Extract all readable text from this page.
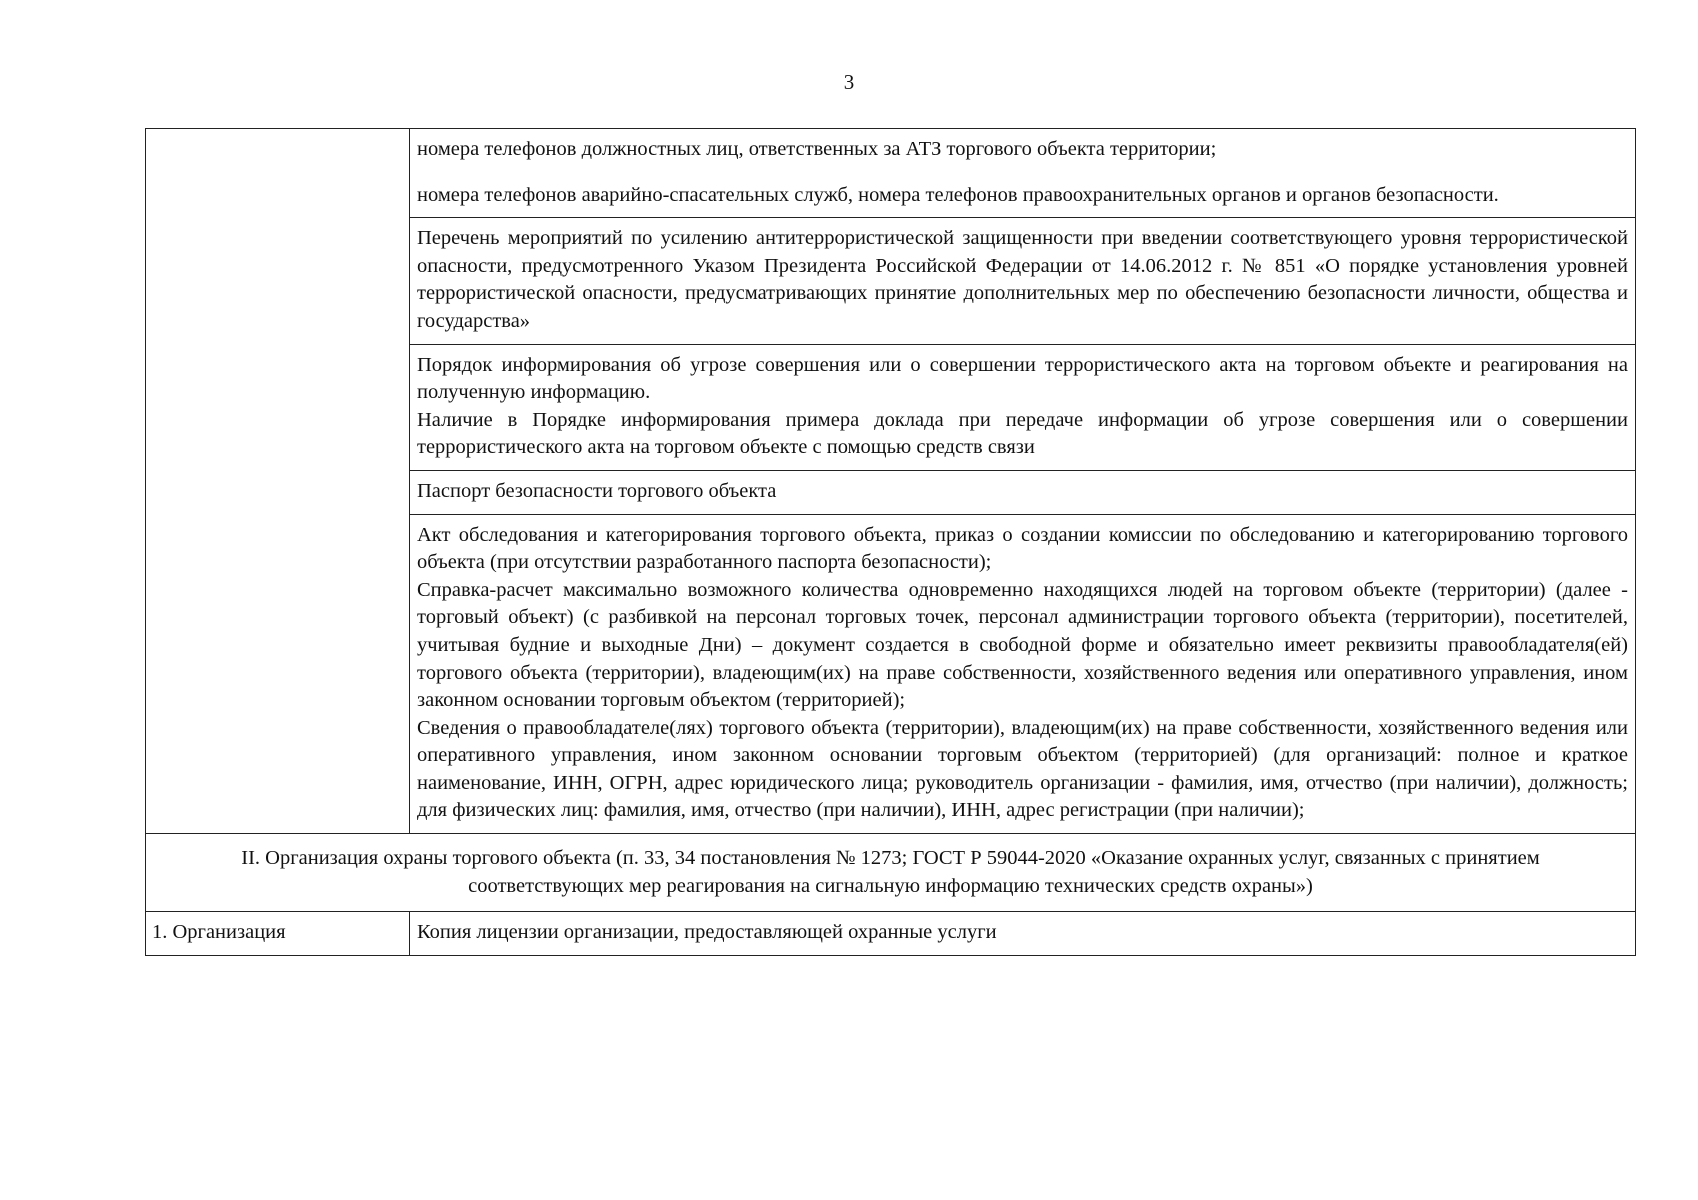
3

	номера телефонов должностных лиц, ответственных за АТЗ торгового объекта территории;
номера телефонов аварийно-спасательных служб, номера телефонов правоохранительных органов и органов безопасности.

	Перечень мероприятий по усилению антитеррористической защищенности при введении соответствующего уровня террористической опасности, предусмотренного Указом Президента Российской Федерации от 14.06.2012 г. № 851 «О порядке установления уровней террористической опасности, предусматривающих принятие дополнительных мер по обеспечению безопасности личности, общества и государства»

	Порядок информирования об угрозе совершения или о совершении террористического акта на торговом объекте и реагирования на полученную информацию.
Наличие в Порядке информирования примера доклада при передаче информации об угрозе совершения или о совершении террористического акта на торговом объекте с помощью средств связи

	Паспорт безопасности торгового объекта

	Акт обследования и категорирования торгового объекта, приказ о создании комиссии по обследованию и категорированию торгового объекта (при отсутствии разработанного паспорта безопасности);
Справка-расчет максимально возможного количества одновременно находящихся людей на торговом объекте (территории) (далее - торговый объект) (с разбивкой на персонал торговых точек, персонал администрации торгового объекта (территории), посетителей, учитывая будние и выходные Дни) – документ создается в свободной форме и обязательно имеет реквизиты правообладателя(ей) торгового объекта (территории), владеющим(их) на праве собственности, хозяйственного ведения или оперативного управления, ином законном основании торговым объектом (территорией);
Сведения о правообладателе(лях) торгового объекта (территории), владеющим(их) на праве собственности, хозяйственного ведения или оперативного управления, ином законном основании торговым объектом (территорией) (для организаций: полное и краткое наименование, ИНН, ОГРН, адрес юридического лица; руководитель организации - фамилия, имя, отчество (при наличии), должность; для физических лиц: фамилия, имя, отчество (при наличии), ИНН, адрес регистрации (при наличии);

II. Организация охраны торгового объекта (п. 33, 34 постановления № 1273; ГОСТ Р 59044-2020 «Оказание охранных услуг, связанных с принятием соответствующих мер реагирования на сигнальную информацию технических средств охраны»)	
1. Организация	Копия лицензии организации, предоставляющей охранные услуги
